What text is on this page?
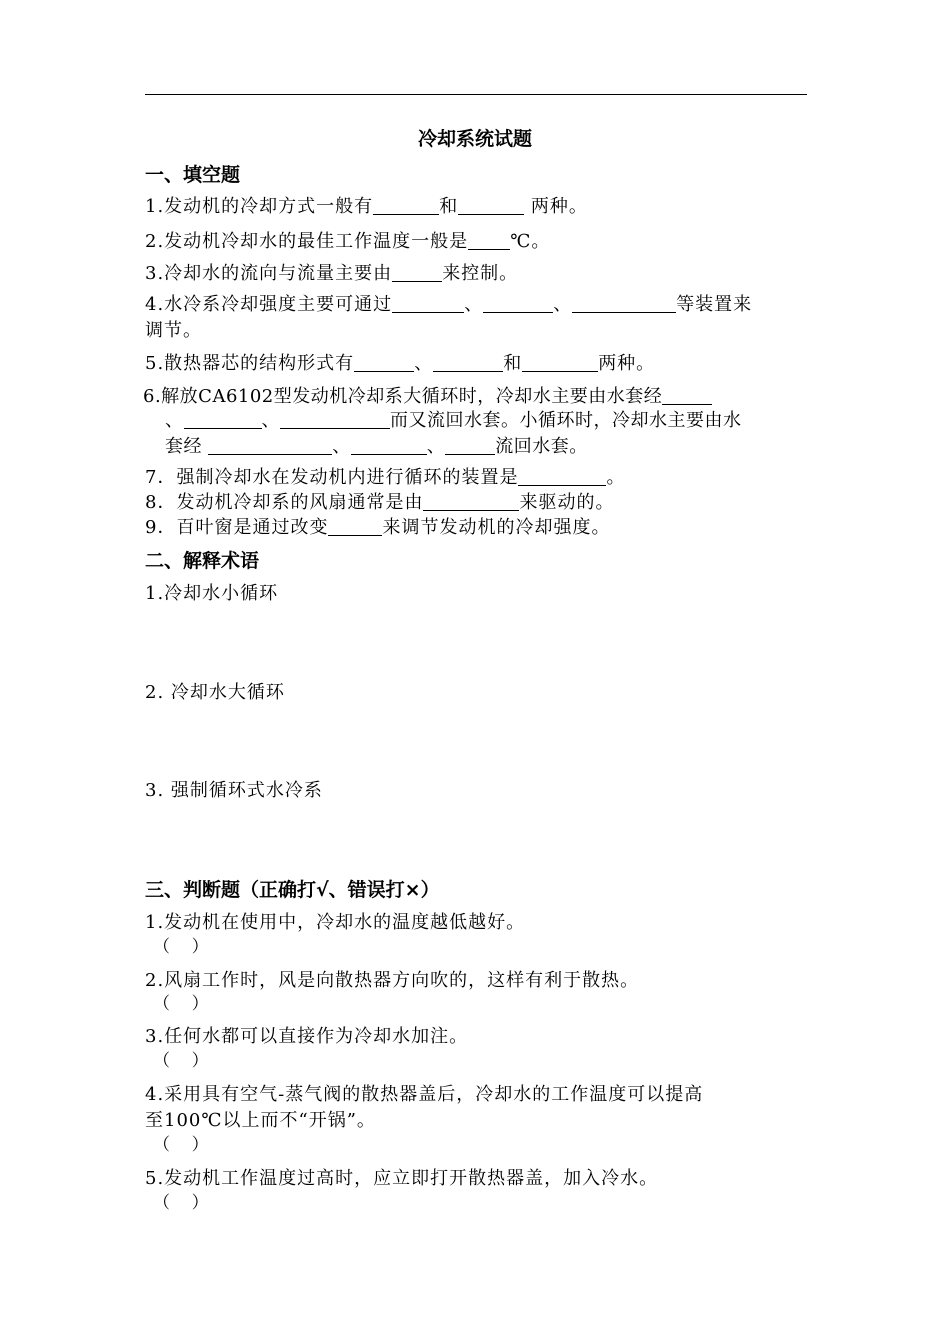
冷却系统试题
一、填空题
1.发动机的冷却方式一般有	和	两种。
2.发动机冷却水的最佳工作温度一般是 ℃。
3.冷却水的流向与流量主要由	来控制。
4.水冷系冷却强度主要可通过	、	、	等装置来
调节。
5.散热器芯的结构形式有	、	和	两种。
6.解放CA6102型发动机冷却系大循环时，冷却水主要由水套经
、	、	而又流回水套。小循环时，冷却水主要由水
套经	、	、	流回水套。
7．强制冷却水在发动机内进行循环的装置是	。
8．发动机冷却系的风扇通常是由	来驱动的。
9．百叶窗是通过改变	来调节发动机的冷却强度。
二、解释术语
1.冷却水小循环
2. 冷却水大循环
3. 强制循环式水冷系
三、判断题（正确打√、错误打×）
1.发动机在使用中，冷却水的温度越低越好。
（    ）
2.风扇工作时，风是向散热器方向吹的，这样有利于散热。
（    ）
3.任何水都可以直接作为冷却水加注。
（    ）
4.采用具有空气-蒸气阀的散热器盖后，冷却水的工作温度可以提高
至100℃以上而不“开锅”。
（    ）
5.发动机工作温度过高时，应立即打开散热器盖，加入冷水。
（    ）
